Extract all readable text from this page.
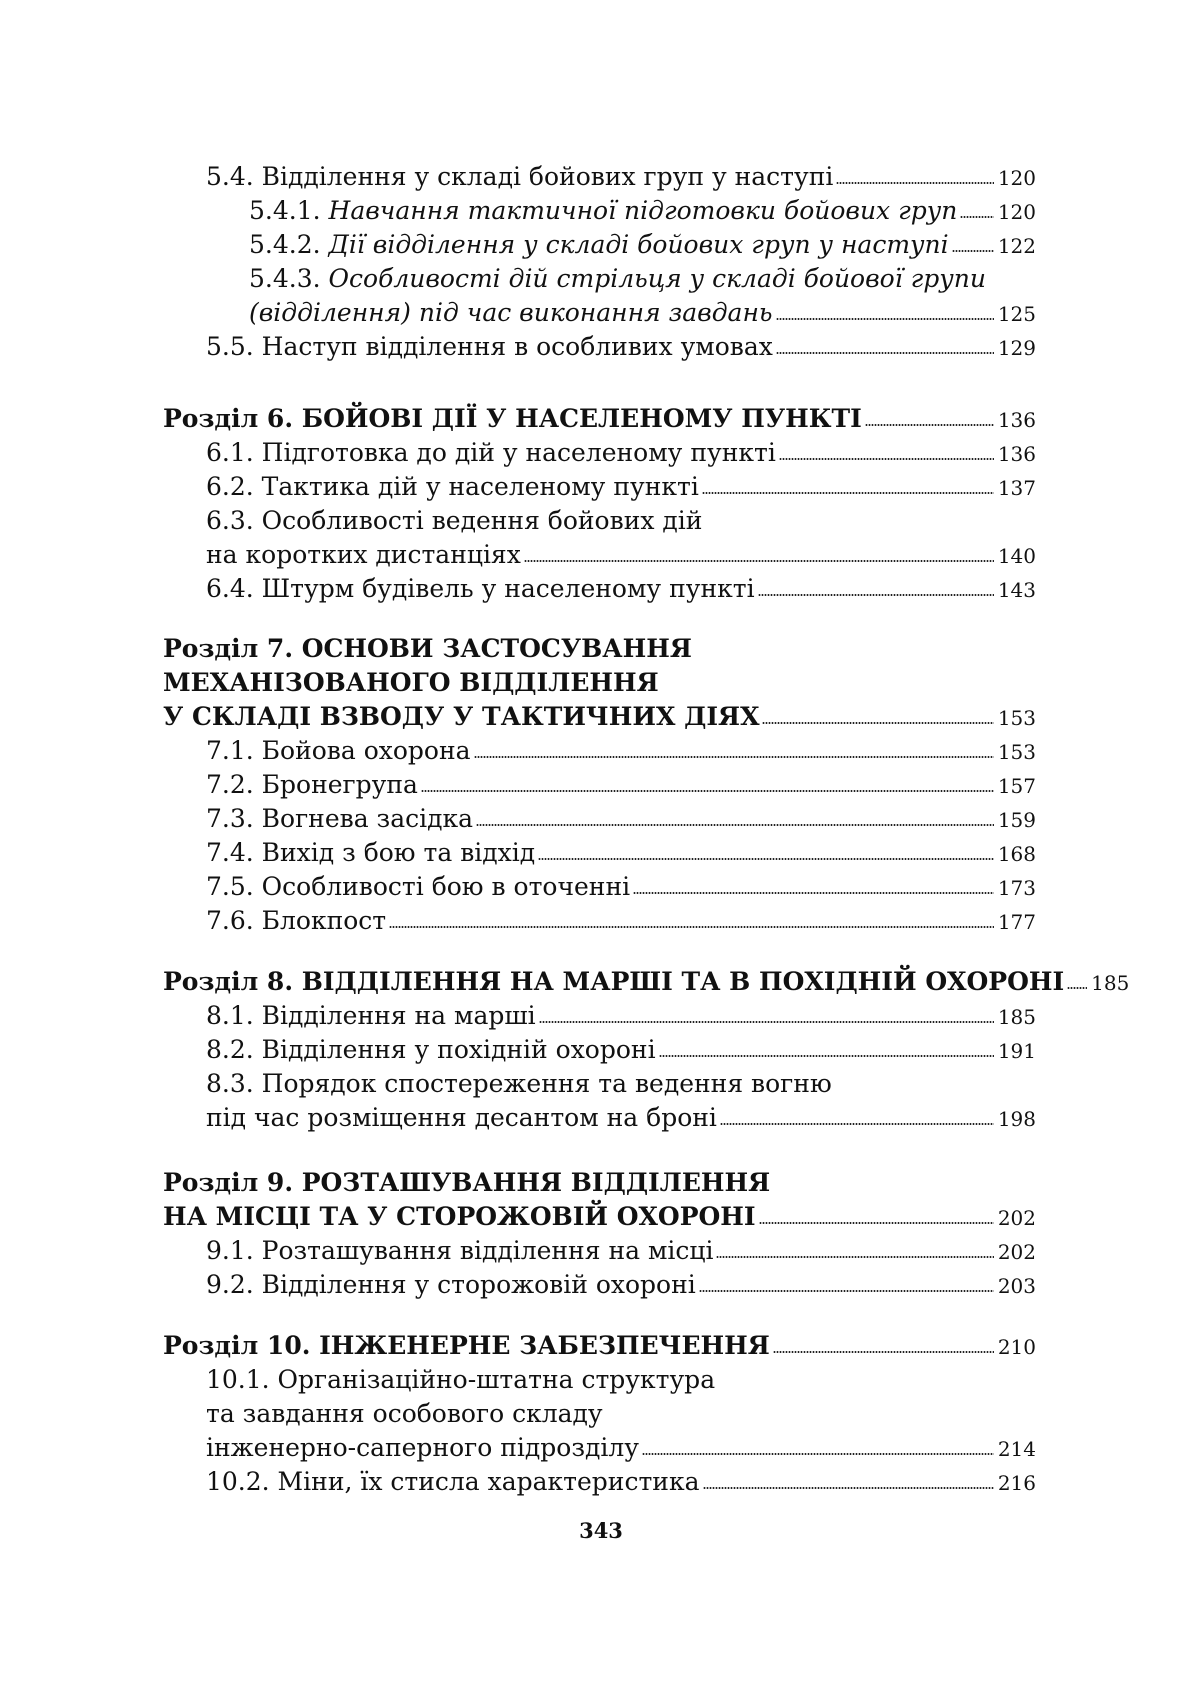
5.4. Відділення у складі бойових груп у наступі	120
5.4.1. Навчання тактичної підготовки бойових груп 120
5.4.2. Дії відділення у складі бойових груп у наступі 122
5.4.3. Особливості дій стрільця у складі бойової групи
(відділення) під час виконання завдань	125
5.5. Наступ відділення в особливих умовах	129
Розділ 6. БОЙОВІ ДІЇ У НАСЕЛЕНОМУ ПУНКТІ	136
6.1. Підготовка до дій у населеному пункті	136
6.2. Тактика дій у населеному пункті	137
6.3. Особливості ведення бойових дій
на коротких дистанціях	140
6.4. Штурм будівель у населеному пункті	143
Розділ 7. ОСНОВИ ЗАСТОСУВАННЯ
МЕХАНІЗОВАНОГО ВІДДІЛЕННЯ
У СКЛАДІ ВЗВОДУ У ТАКТИЧНИХ ДІЯХ	153
7.1. Бойова охорона	153
7.2. Бронегрупа	157
7.3. Вогнева засідка	159
7.4. Вихід з бою та відхід	168
7.5. Особливості бою в оточенні	173
7.6. Блокпост	177
Розділ 8. ВІДДІЛЕННЯ НА МАРШІ ТА В ПОХІДНІЙ ОХОРОНІ 185
8.1. Відділення на марші	185
8.2. Відділення у похідній охороні	191
8.3. Порядок спостереження та ведення вогню
під час розміщення десантом на броні	198
Розділ 9. РОЗТАШУВАННЯ ВІДДІЛЕННЯ
НА МІСЦІ ТА У СТОРОЖОВІЙ ОХОРОНІ	202
9.1. Розташування відділення на місці	202
9.2. Відділення у сторожовій охороні	203
Розділ 10. ІНЖЕНЕРНЕ ЗАБЕЗПЕЧЕННЯ	210
10.1. Організаційно-штатна структура
та завдання особового складу
інженерно-саперного підрозділу	214
10.2. Міни, їх стисла характеристика	216
343
